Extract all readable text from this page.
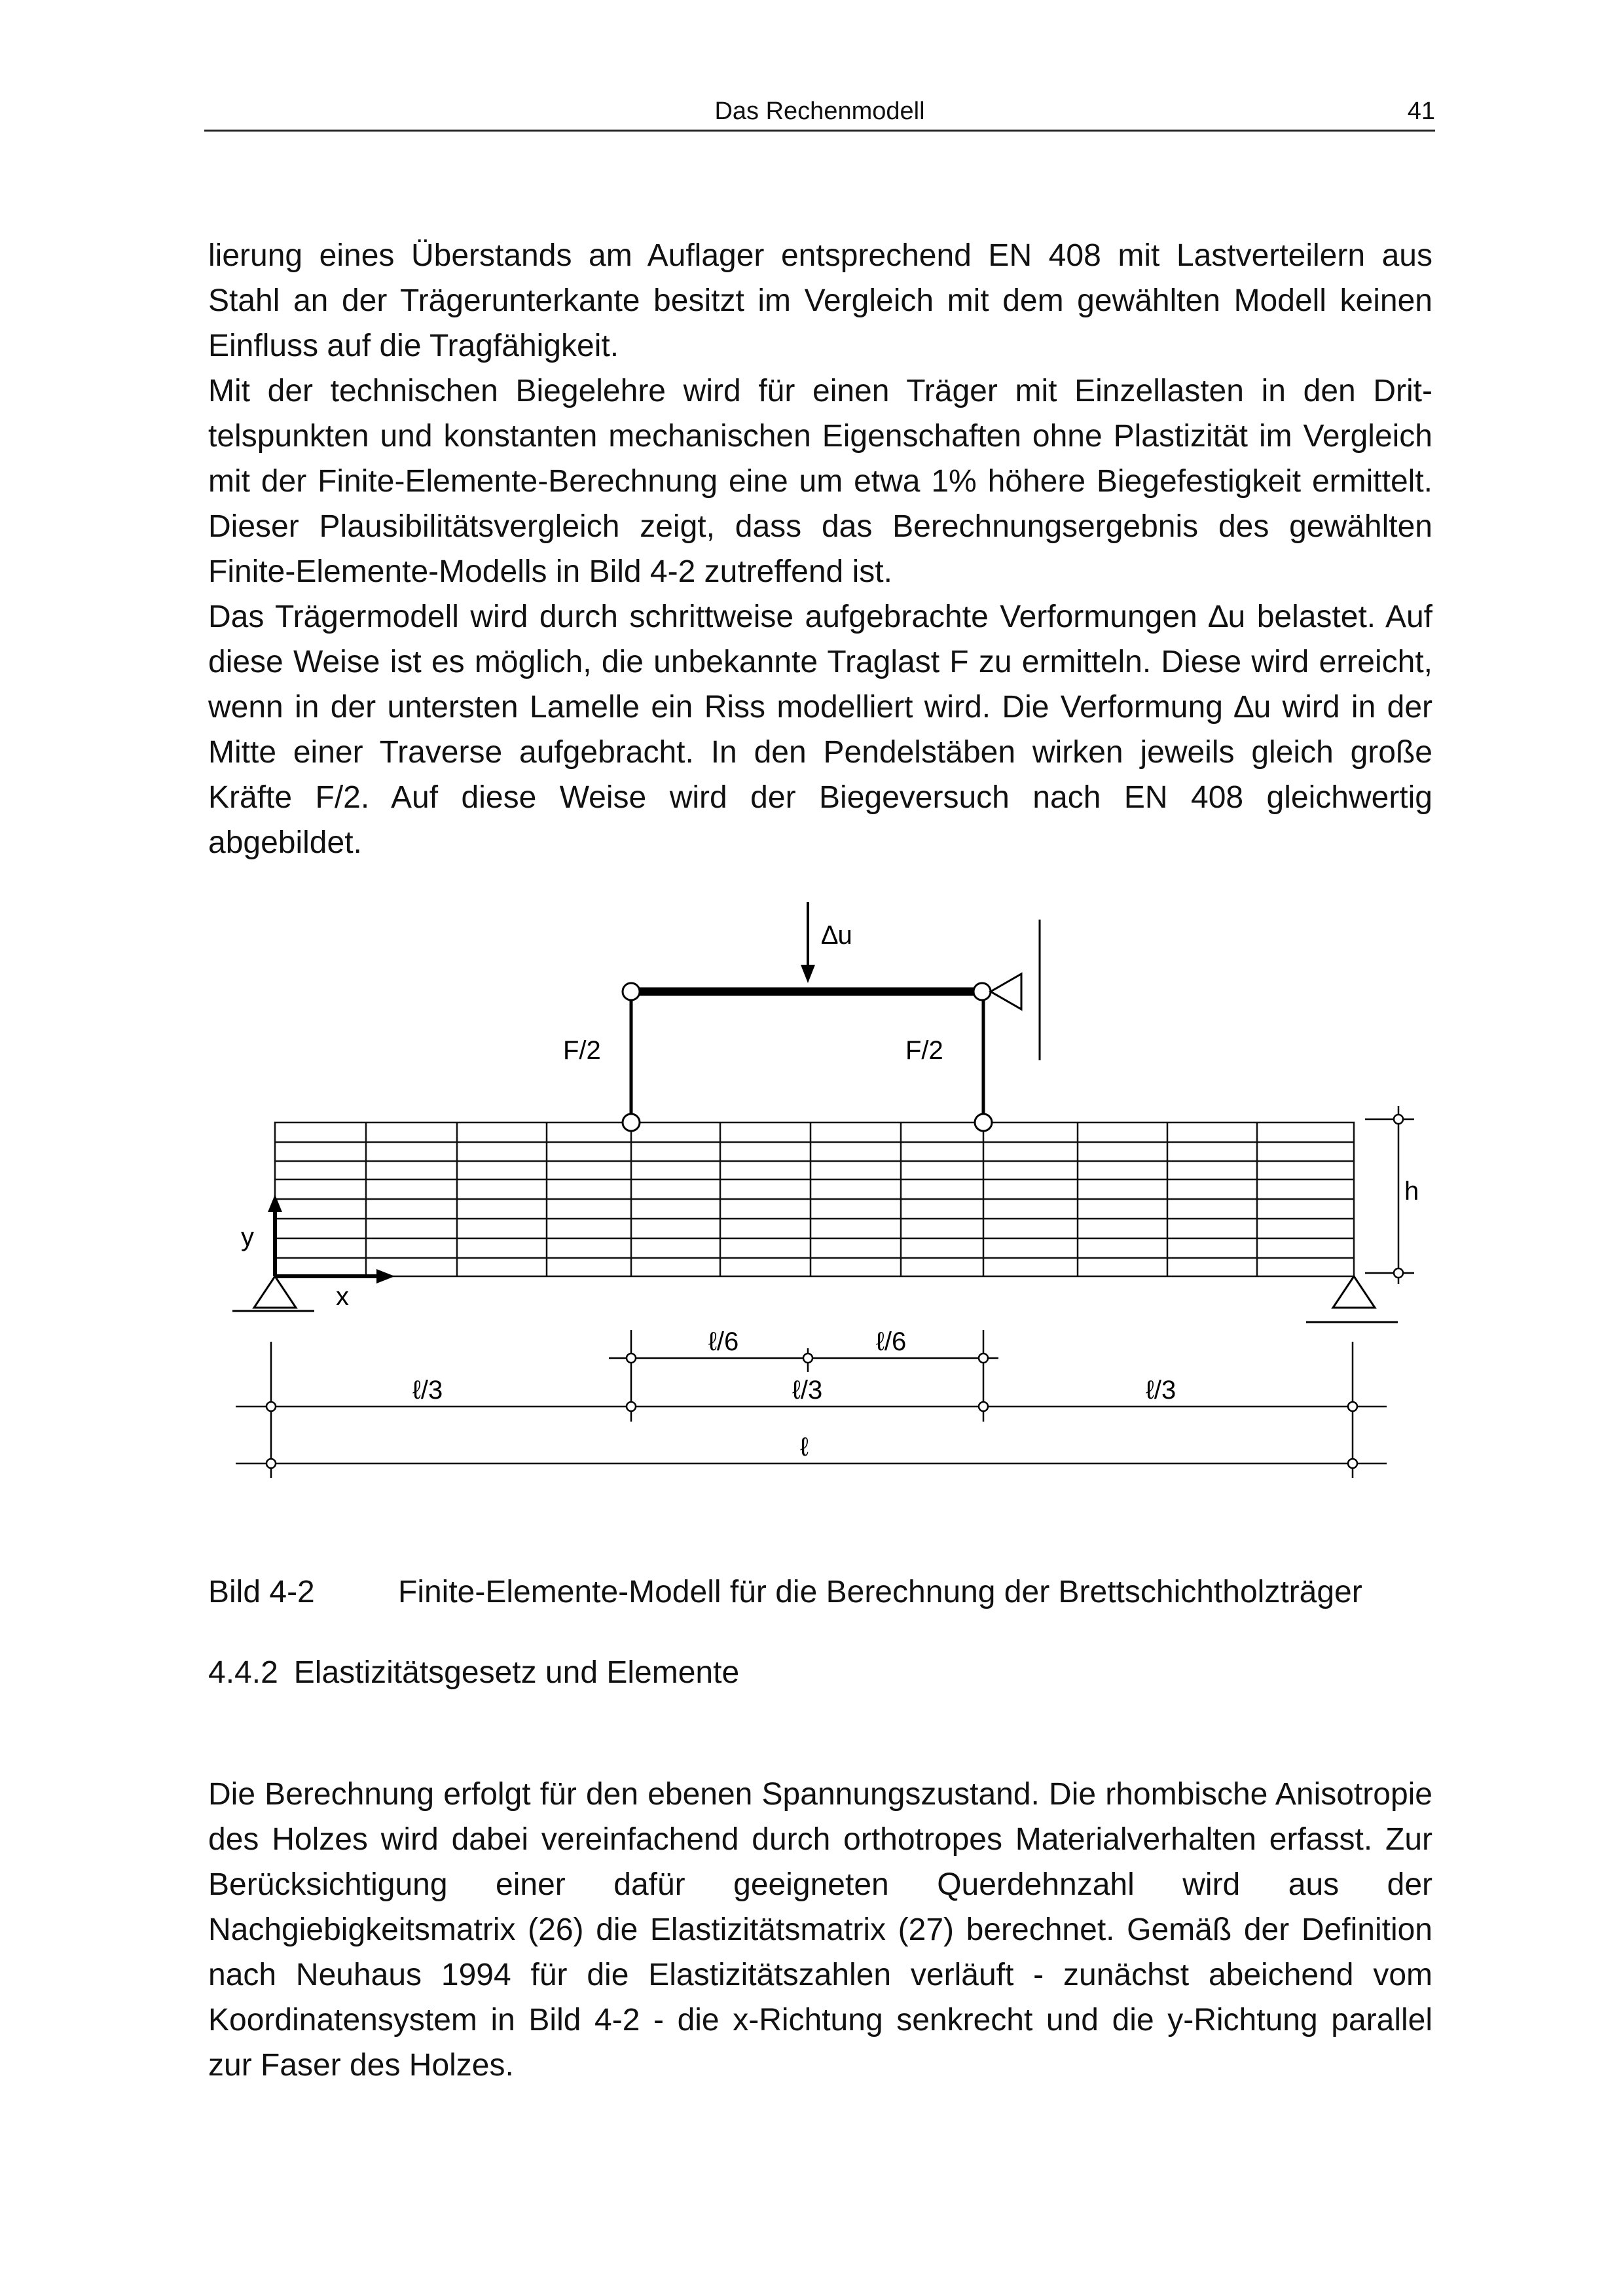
Das Rechenmodell	41

lierung eines Überstands am Auflager entsprechend EN 408 mit Lastverteilern aus Stahl an der Trägerunterkante besitzt im Vergleich mit dem gewählten Modell keinen Einfluss auf die Tragfähigkeit.

Mit der technischen Biegelehre wird für einen Träger mit Einzellasten in den Drittelspunkten und konstanten mechanischen Eigenschaften ohne Plastizität im Vergleich mit der Finite-Elemente-Berechnung eine um etwa 1% höhere Biegefestigkeit ermittelt. Dieser Plausibilitätsvergleich zeigt, dass das Berechnungsergebnis des gewählten Finite-Elemente-Modells in Bild 4-2 zutreffend ist.

Das Trägermodell wird durch schrittweise aufgebrachte Verformungen ∆u belastet. Auf diese Weise ist es möglich, die unbekannte Traglast F zu ermitteln. Diese wird erreicht, wenn in der untersten Lamelle ein Riss modelliert wird. Die Verformung ∆u wird in der Mitte einer Traverse aufgebracht. In den Pendelstäben wirken jeweils gleich große Kräfte F/2. Auf diese Weise wird der Biegeversuch nach EN 408 gleichwertig abgebildet.

∆u
F/2	F/2
y
x
h
ℓ/6	ℓ/6
ℓ/3	ℓ/3	ℓ/3
ℓ
Bild 4-2	Finite-Elemente-Modell für die Berechnung der Brettschichtholzträger
4.4.2 Elastizitätsgesetz und Elemente

Die Berechnung erfolgt für den ebenen Spannungszustand. Die rhombische Anisotropie des Holzes wird dabei vereinfachend durch orthotropes Materialverhalten erfasst. Zur Berücksichtigung einer dafür geeigneten Querdehnzahl wird aus der Nachgiebigkeitsmatrix (26) die Elastizitätsmatrix (27) berechnet. Gemäß der Definition nach Neuhaus 1994 für die Elastizitätszahlen verläuft - zunächst abeichend vom Koordinatensystem in Bild 4-2 - die x-Richtung senkrecht und die y-Richtung parallel zur Faser des Holzes.
